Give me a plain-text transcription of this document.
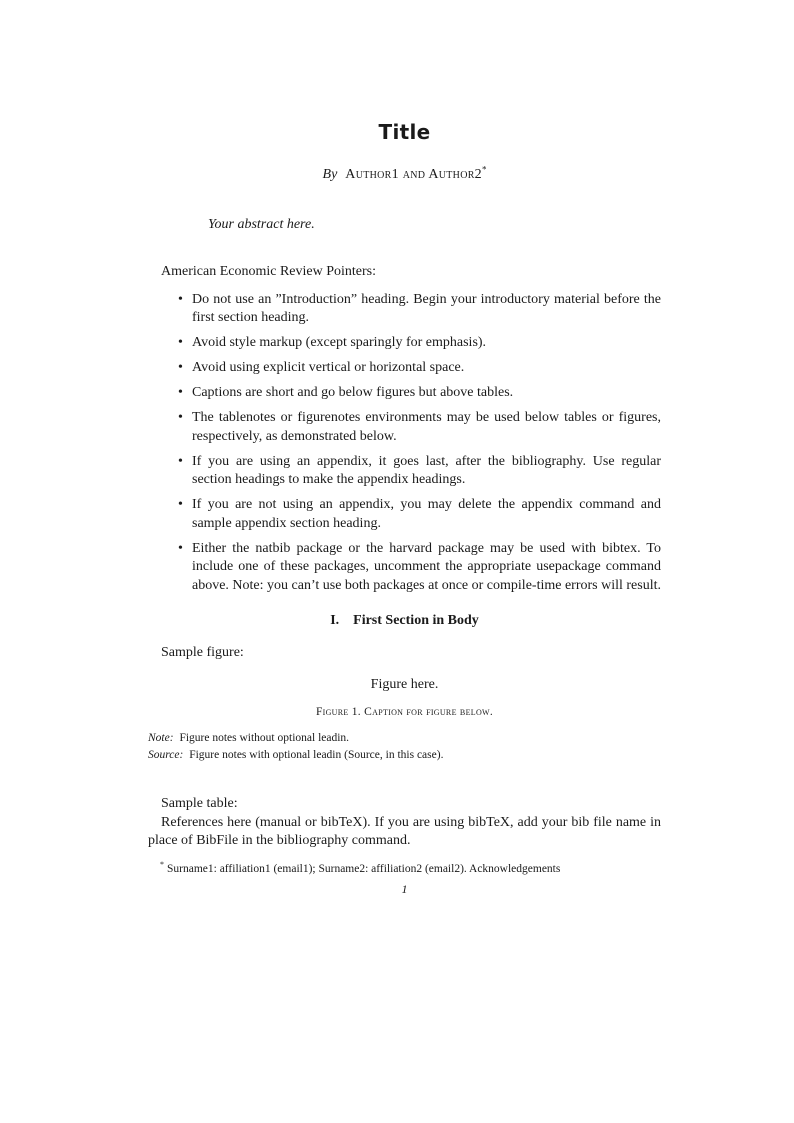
Title

By Author1 and Author2*

Your abstract here.

American Economic Review Pointers:

• Do not use an ”Introduction” heading. Begin your introductory material before the first section heading.
• Avoid style markup (except sparingly for emphasis).
• Avoid using explicit vertical or horizontal space.
• Captions are short and go below figures but above tables.
• The tablenotes or figurenotes environments may be used below tables or figures, respectively, as demonstrated below.
• If you are using an appendix, it goes last, after the bibliography. Use regular section headings to make the appendix headings.
• If you are not using an appendix, you may delete the appendix command and sample appendix section heading.
• Either the natbib package or the harvard package may be used with bibtex. To include one of these packages, uncomment the appropriate usepackage command above. Note: you can’t use both packages at once or compile-time errors will result.
I. First Section in Body

Sample figure:

Figure here.

Figure 1. Caption for figure below.

Note: Figure notes without optional leadin.

Source: Figure notes with optional leadin (Source, in this case).

Sample table:

References here (manual or bibTeX). If you are using bibTeX, add your bib file name in place of BibFile in the bibliography command.

* Surname1: affiliation1 (email1); Surname2: affiliation2 (email2). Acknowledgements

1
